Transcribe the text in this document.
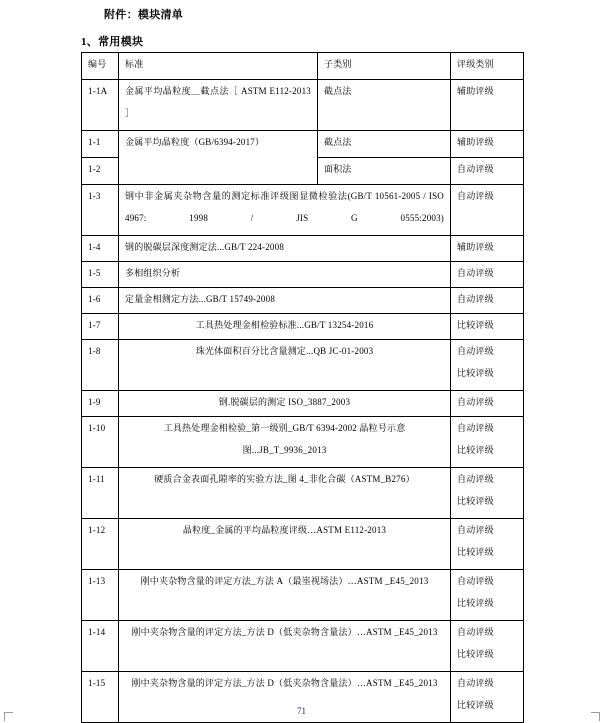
附件：模块清单
1、常用模块
编号	标准	子类别	评级类别

1-1A	金属平均晶粒度＿截点法［ ASTM E112-2013 ］	截点法	辅助评级

1-1	金属平均晶粒度（GB/6394-2017）	截点法	辅助评级

1-2		面积法	自动评级

1-3	钢中非金属夹杂物含量的测定标准评级图显微检验法(GB/T 10561-2005 / ISO 4967: 1998 / JIS G 0555:2003)		自动评级

1-4	钢的脱碳层深度测定法...GB/T 224-2008		辅助评级

1-5	多相组织分析		自动评级

1-6	定量金相测定方法...GB/T 15749-2008		自动评级

1-7	工具热处理金相检验标准...GB/T 13254-2016		比较评级

1-8	珠光体面积百分比含量测定...QB JC-01-2003		自动评级
比较评级

1-9	钢.脱碳层的测定 ISO_3887_2003		自动评级

1-10	工具热处理金相检验_第一级别_GB/T 6394-2002 晶粒号示意图...JB_T_9936_2013		自动评级
比较评级

1-11	硬质合金表面孔隙率的实验方法_图 4_非化合碳（ASTM_B276）		自动评级
比较评级

1-12	晶粒度_金属的平均晶粒度评级…ASTM E112-2013		自动评级
比较评级

1-13	刚中夹杂物含量的评定方法_方法 A（最埊视场法）…ASTM _E45_2013		自动评级
比较评级

1-14	刚中夹杂物含量的评定方法_方法 D（低夹杂物含量法）…ASTM _E45_2013		自动评级
比较评级

1-15	刚中夹杂物含量的评定方法_方法 D（低夹杂物含量法）…ASTM _E45_2013		自动评级
比较评级
71
